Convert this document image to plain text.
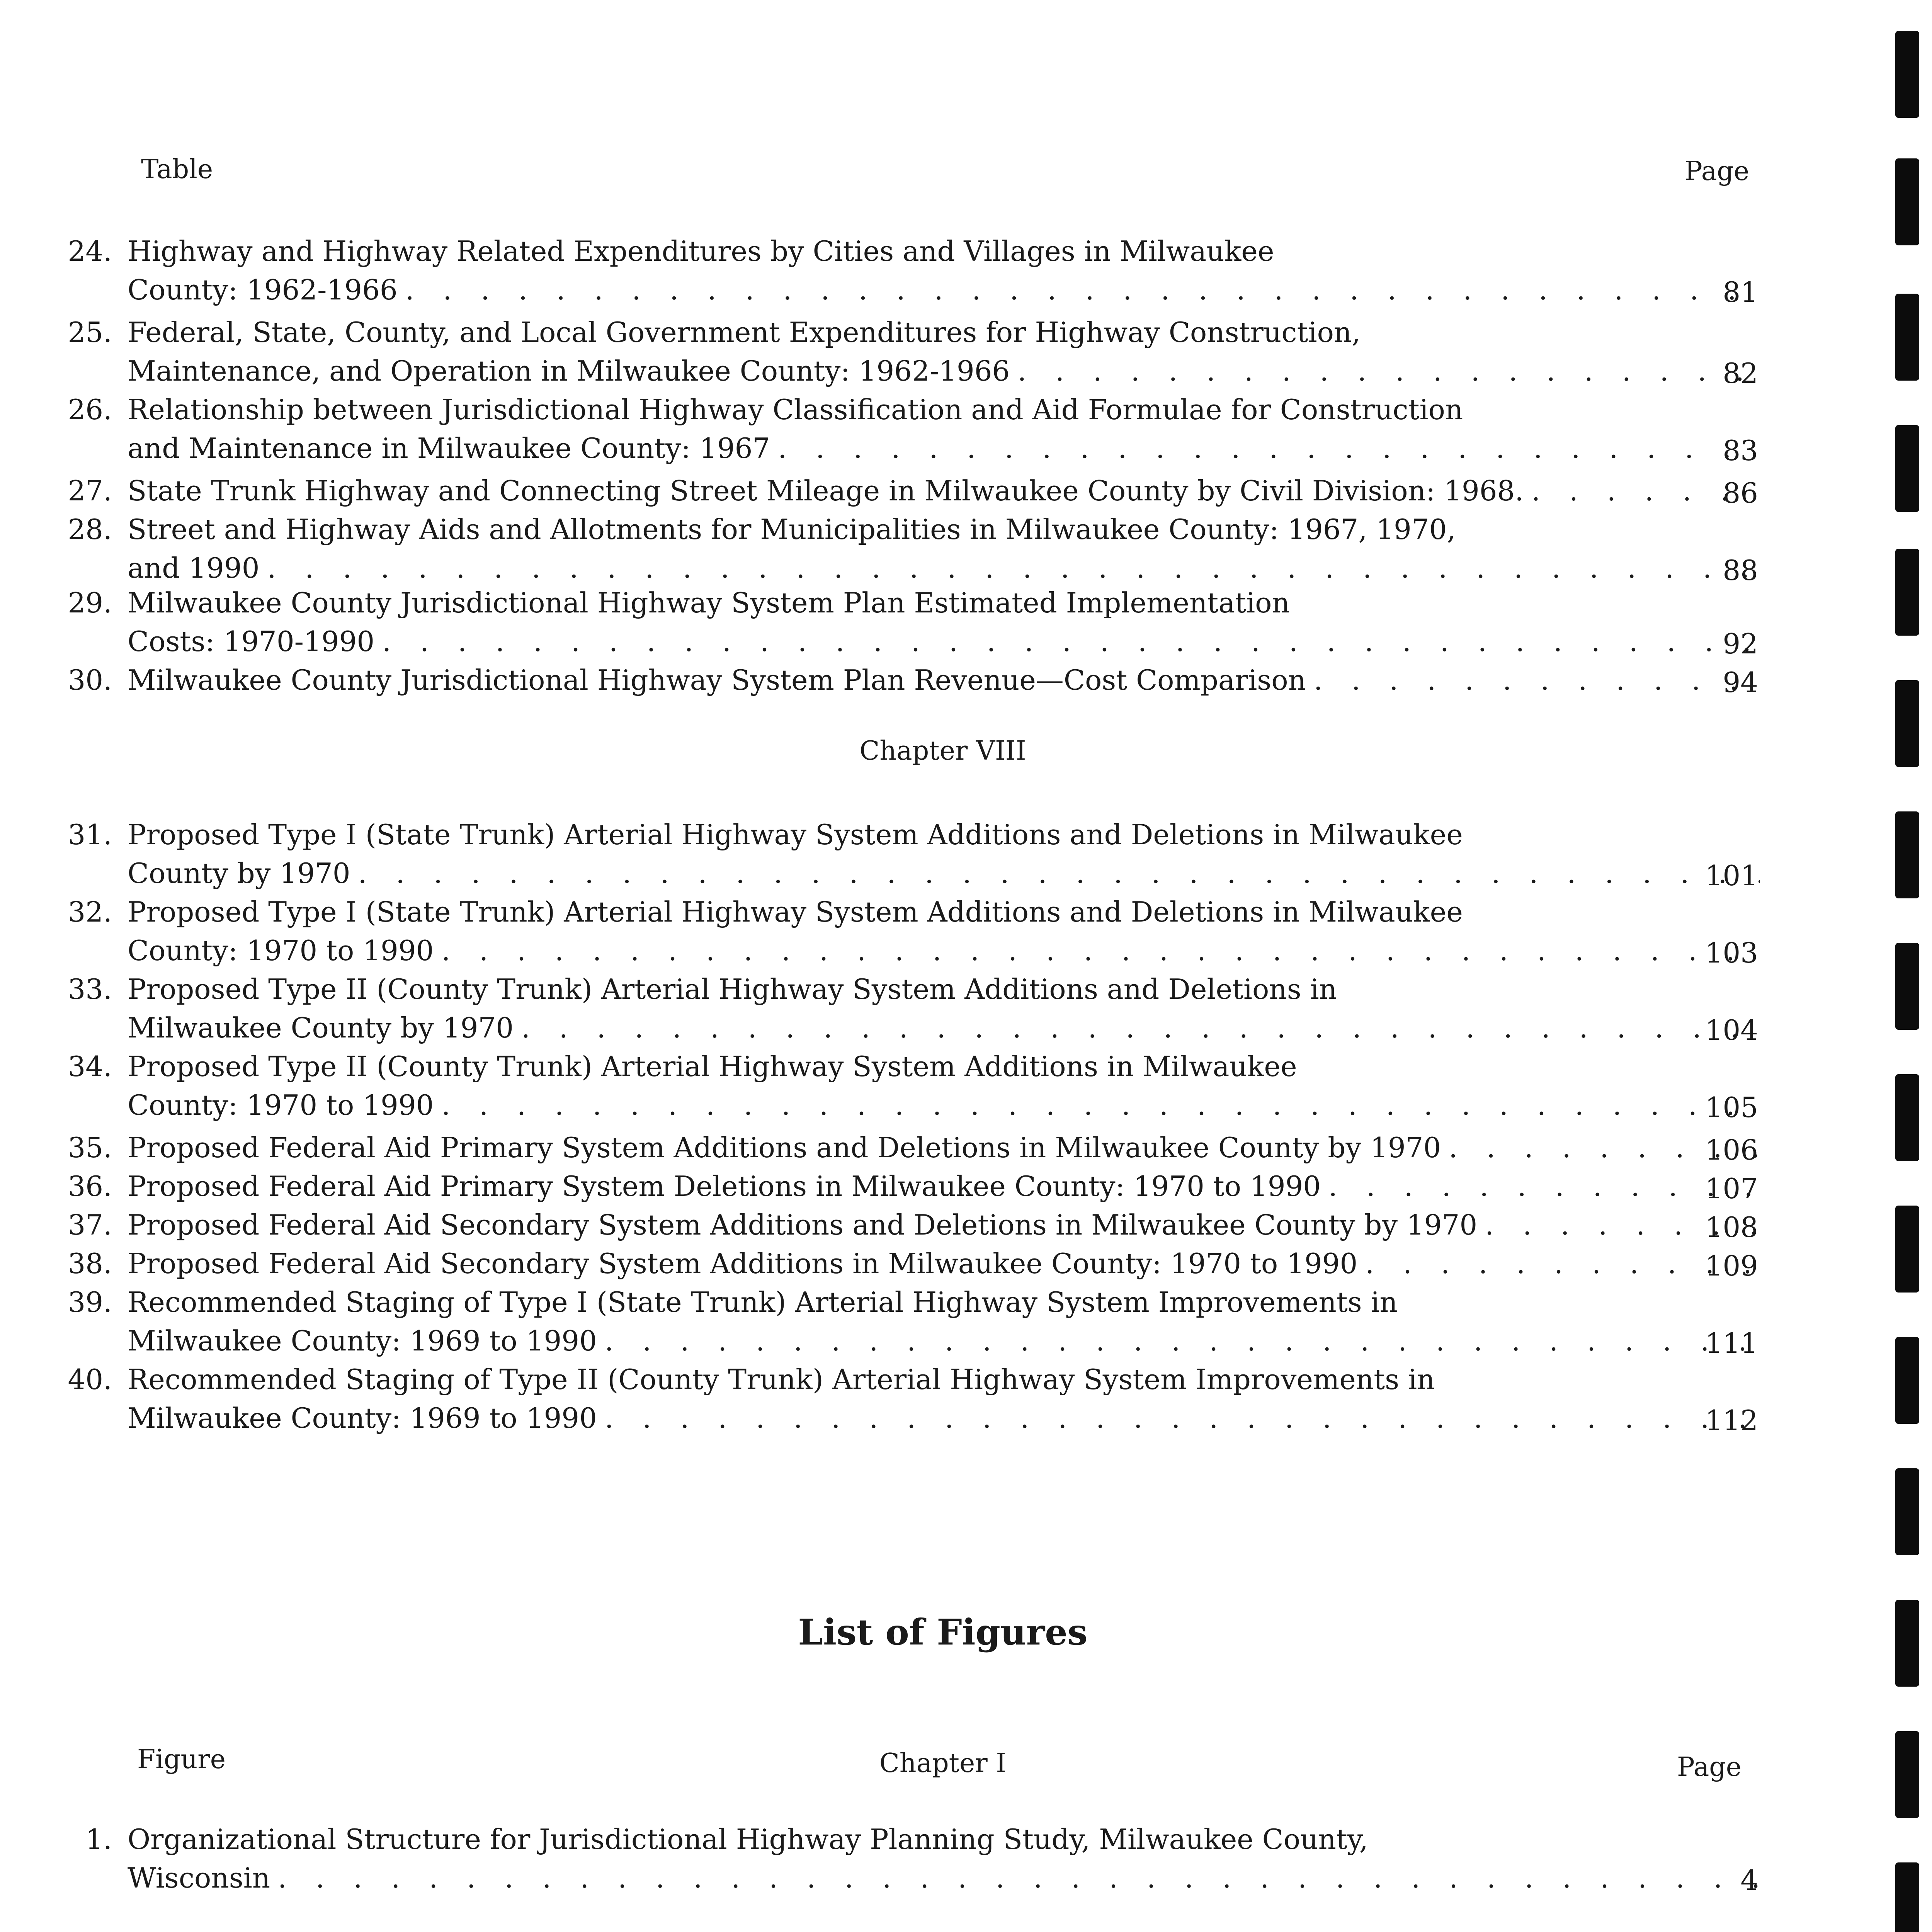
Table	Page
Chapter VIII
List of Figures
Figure	Chapter I	Page
24. Highway and Highway Related Expenditures by Cities and Villages in Milwaukee
County: 1962-1966 . . .	81
25. Federal, State, County, and Local Government Expenditures for Highway Construction,
Maintenance, and Operation in Milwaukee County: 1962-1966 . . .	82
26. Relationship between Jurisdictional Highway Classification and Aid Formulae for Construction
and Maintenance in Milwaukee County: 1967 . . .	83
27. State Trunk Highway and Connecting Street Mileage in Milwaukee County by Civil Division: 1968. . . .	86
28. Street and Highway Aids and Allotments for Municipalities in Milwaukee County: 1967, 1970,
and 1990 . . .	88
29. Milwaukee County Jurisdictional Highway System Plan Estimated Implementation
Costs: 1970-1990 . . .	92
30. Milwaukee County Jurisdictional Highway System Plan Revenue—Cost Comparison . . .	94
31. Proposed Type I (State Trunk) Arterial Highway System Additions and Deletions in Milwaukee
County by 1970 . . .	101
32. Proposed Type I (State Trunk) Arterial Highway System Additions and Deletions in Milwaukee
County: 1970 to 1990 . . .	103
33. Proposed Type II (County Trunk) Arterial Highway System Additions and Deletions in
Milwaukee County by 1970 . . .	104
34. Proposed Type II (County Trunk) Arterial Highway System Additions in Milwaukee
County: 1970 to 1990 . . .	105
35. Proposed Federal Aid Primary System Additions and Deletions in Milwaukee County by 1970 . . .	106
36. Proposed Federal Aid Primary System Deletions in Milwaukee County: 1970 to 1990 . . .	107
37. Proposed Federal Aid Secondary System Additions and Deletions in Milwaukee County by 1970 . . .	108
38. Proposed Federal Aid Secondary System Additions in Milwaukee County: 1970 to 1990 . . .	109
39. Recommended Staging of Type I (State Trunk) Arterial Highway System Improvements in
Milwaukee County: 1969 to 1990 . . .	111
40. Recommended Staging of Type II (County Trunk) Arterial Highway System Improvements in
Milwaukee County: 1969 to 1990 . . .	112
1. Organizational Structure for Jurisdictional Highway Planning Study, Milwaukee County,
Wisconsin . . .	4
